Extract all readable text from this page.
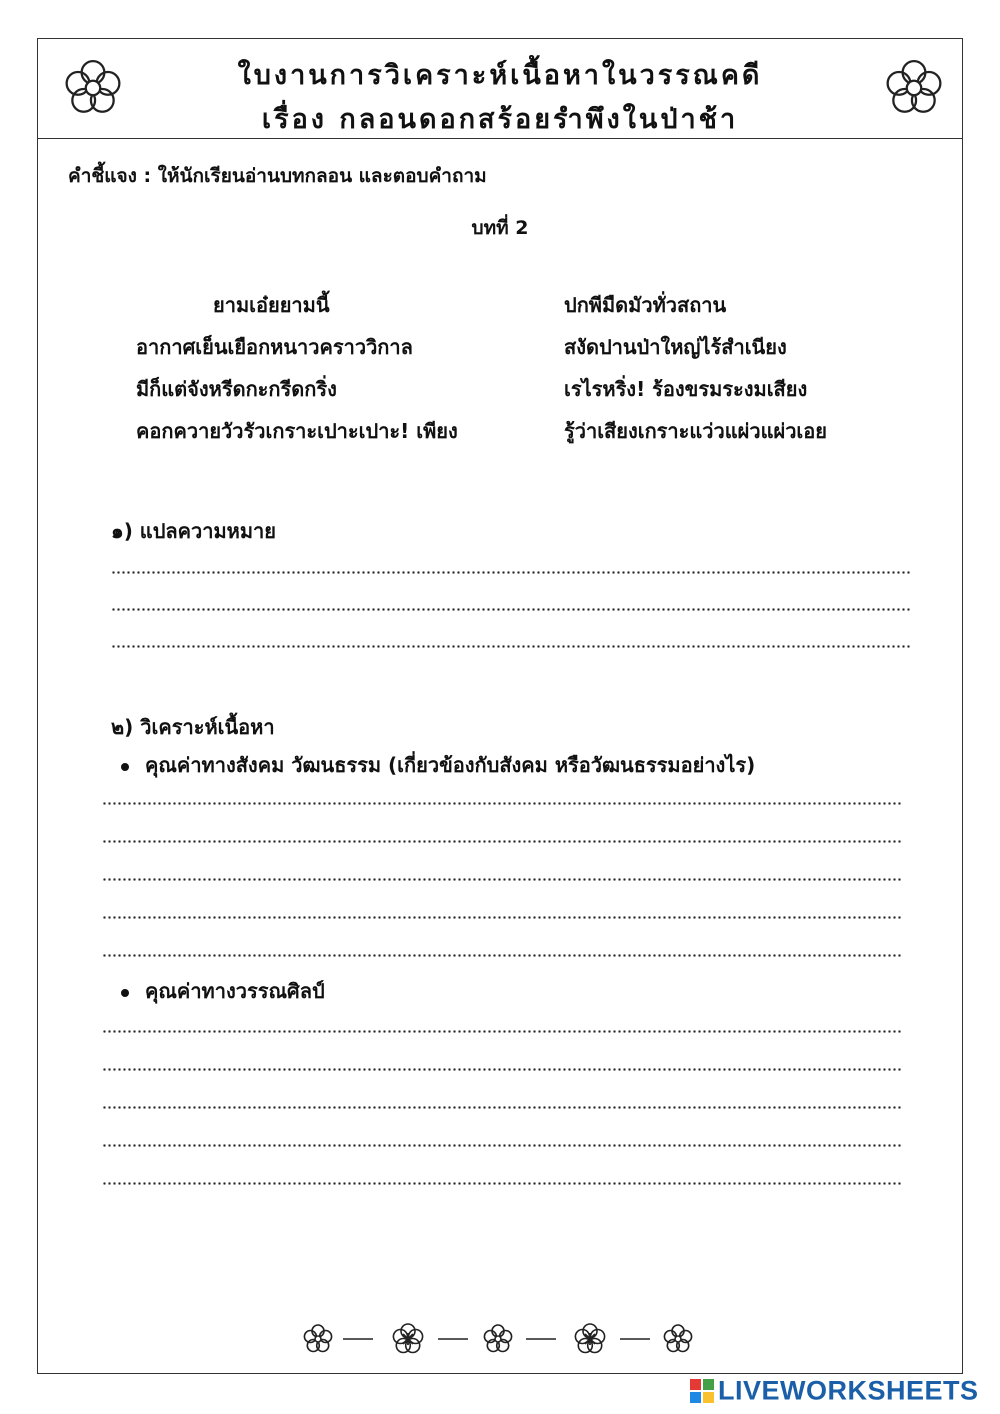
ใบงานการวิเคราะห์เนื้อหาในวรรณคดี
เรื่อง กลอนดอกสร้อยรำพึงในป่าช้า
คำชี้แจง : ให้นักเรียนอ่านบทกลอน และตอบคำถาม
บทที่ 2
ยามเอ๋ยยามนี้
อากาศเย็นเยือกหนาวคราววิกาล
มีก็แต่จังหรีดกะกรีดกริ่ง
คอกควายวัวรัวเกราะเปาะเปาะ! เพียง
ปกพีมืดมัวทั่วสถาน
สงัดปานป่าใหญ่ไร้สำเนียง
เรไรหริ่ง! ร้องขรมระงมเสียง
รู้ว่าเสียงเกราะแว่วแผ่วแผ่วเอย
๑) แปลความหมาย
๒) วิเคราะห์เนื้อหา
คุณค่าทางสังคม วัฒนธรรม (เกี่ยวข้องกับสังคม หรือวัฒนธรรมอย่างไร)
คุณค่าทางวรรณศิลป์
LIVEWORKSHEETS
